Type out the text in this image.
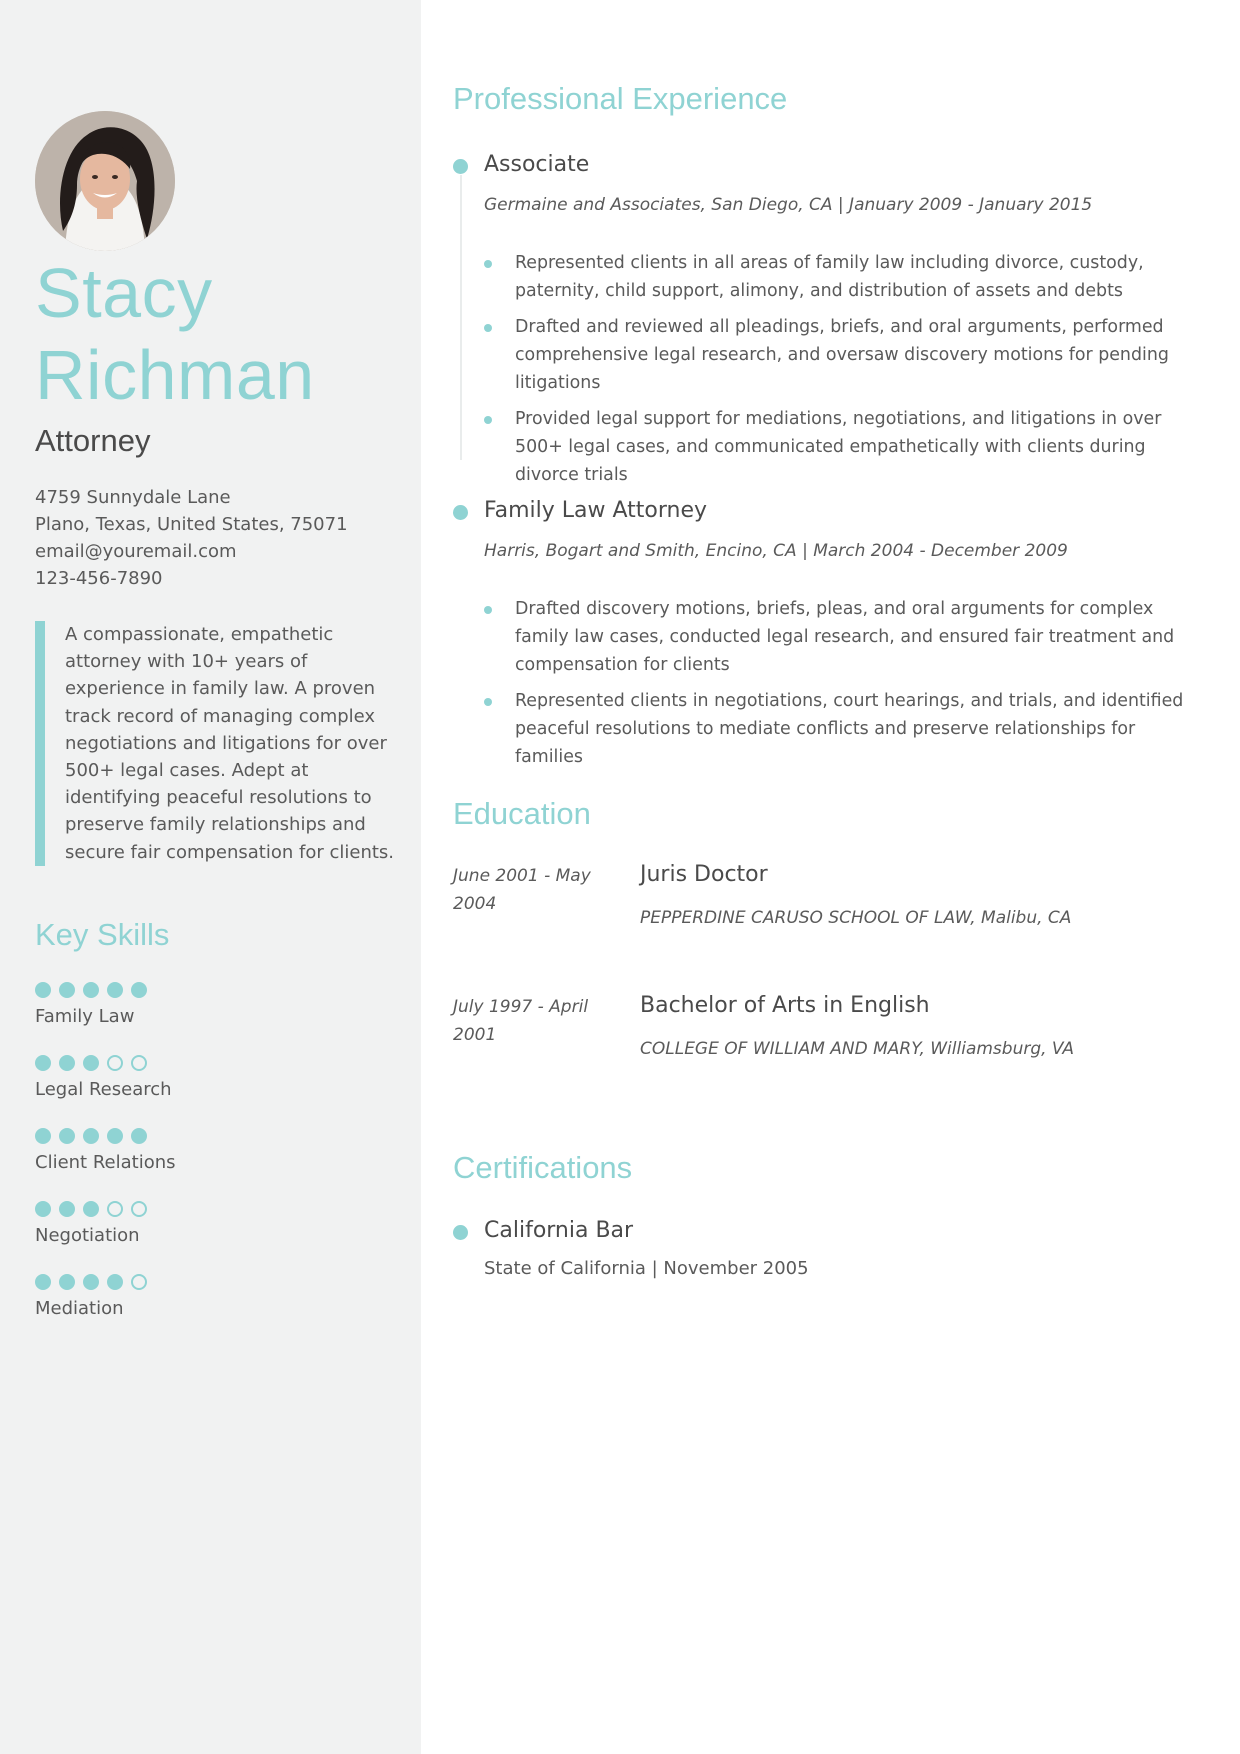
Stacy
Richman
Attorney
4759 Sunnydale Lane
Plano, Texas, United States, 75071
email@youremail.com
123-456-7890
A compassionate, empathetic attorney with 10+ years of experience in family law. A proven track record of managing complex negotiations and litigations for over 500+ legal cases. Adept at identifying peaceful resolutions to preserve family relationships and secure fair compensation for clients.
Key Skills
Family Law
Legal Research
Client Relations
Negotiation
Mediation
Professional Experience
Associate
Germaine and Associates, San Diego, CA | January 2009 - January 2015
Represented clients in all areas of family law including divorce, custody, paternity, child support, alimony, and distribution of assets and debts
Drafted and reviewed all pleadings, briefs, and oral arguments, performed comprehensive legal research, and oversaw discovery motions for pending litigations
Provided legal support for mediations, negotiations, and litigations in over 500+ legal cases, and communicated empathetically with clients during divorce trials
Family Law Attorney
Harris, Bogart and Smith, Encino, CA | March 2004 - December 2009
Drafted discovery motions, briefs, pleas, and oral arguments for complex family law cases, conducted legal research, and ensured fair treatment and compensation for clients
Represented clients in negotiations, court hearings, and trials, and identified peaceful resolutions to mediate conflicts and preserve relationships for families
Education
June 2001 - May 2004
Juris Doctor
PEPPERDINE CARUSO SCHOOL OF LAW, Malibu, CA
July 1997 - April 2001
Bachelor of Arts in English
COLLEGE OF WILLIAM AND MARY, Williamsburg, VA
Certifications
California Bar
State of California | November 2005
